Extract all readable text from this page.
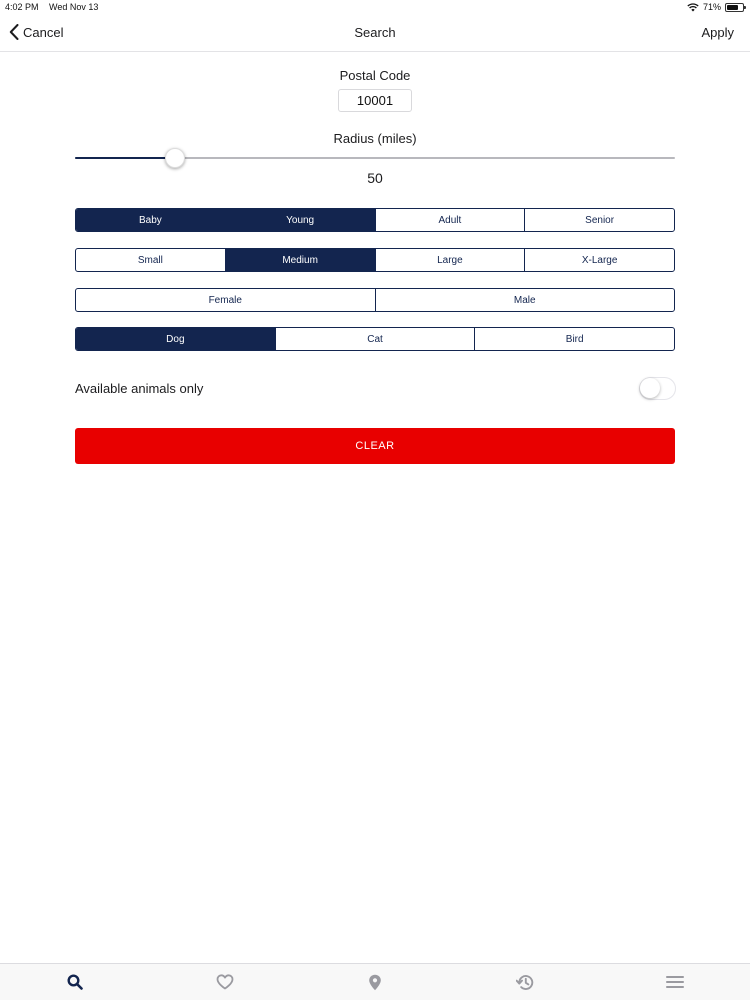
4:02 PM Wed Nov 13	71%
Cancel	Search	Apply
Postal Code
10001
Radius (miles)
50
Baby	Young	Adult	Senior
Small	Medium	Large	X-Large
Female	Male
Dog	Cat	Bird
Available animals only
CLEAR
